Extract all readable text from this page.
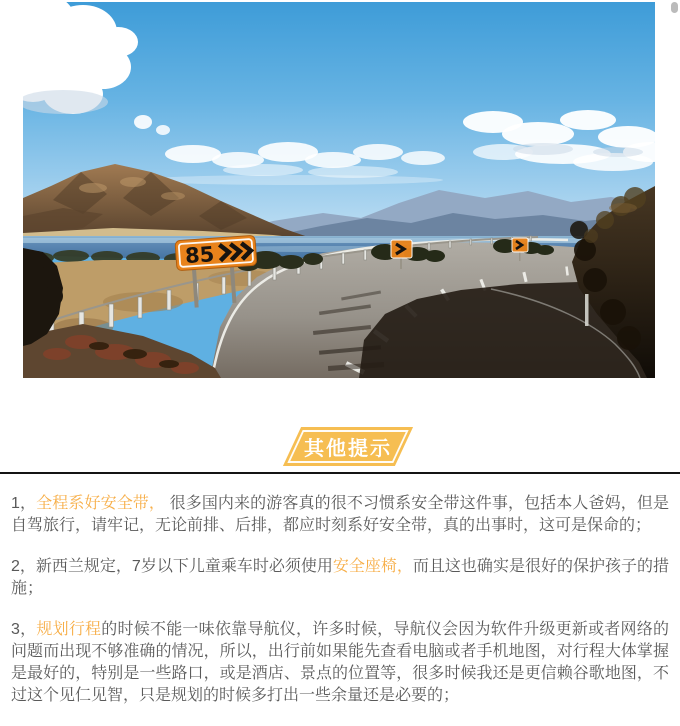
85
其他提示

1，全程系好安全带， 很多国内来的游客真的很不习惯系安全带这件事，包括本人爸妈，但是自驾旅行，请牢记，无论前排、后排，都应时刻系好安全带，真的出事时，这可是保命的；

2，新西兰规定，7岁以下儿童乘车时必须使用安全座椅，而且这也确实是很好的保护孩子的措施；

3，规划行程的时候不能一味依靠导航仪，许多时候，导航仪会因为软件升级更新或者网络的问题而出现不够准确的情况，所以，出行前如果能先查看电脑或者手机地图，对行程大体掌握是最好的，特别是一些路口，或是酒店、景点的位置等，很多时候我还是更信赖谷歌地图，不过这个见仁见智，只是规划的时候多打出一些余量还是必要的；
